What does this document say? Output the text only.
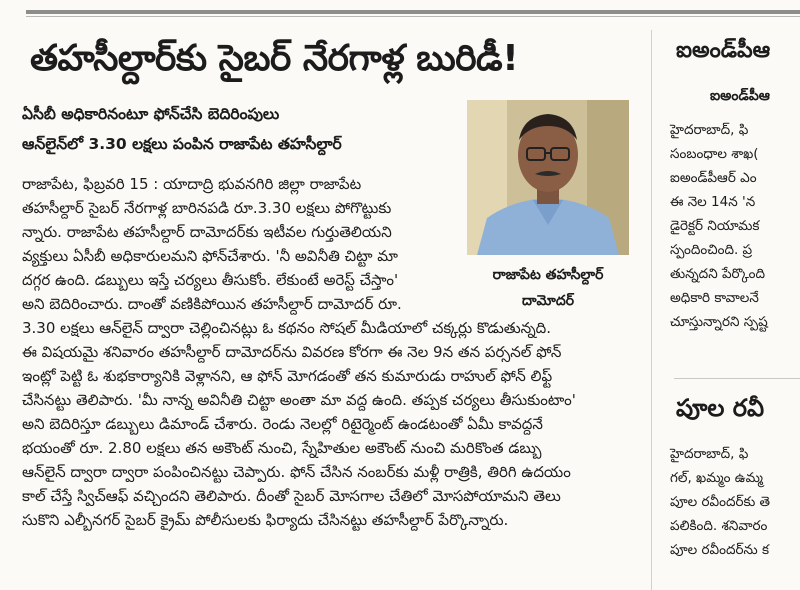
తహసీల్దార్‌కు సైబర్ నేరగాళ్ల బురిడీ!
ఏసీబీ అధికారినంటూ ఫోన్‌చేసి బెదిరింపులు
ఆన్‌లైన్‌లో 3.30 లక్షలు పంపిన రాజాపేట తహసీల్దార్
రాజాపేట తహసీల్దార్
దామోదర్

రాజాపేట, ఫిబ్రవరి 15 : యాదాద్రి భువనగిరి జిల్లా రాజాపేట

తహసీల్దార్ సైబర్ నేరగాళ్ల బారినపడి రూ.3.30 లక్షలు పోగొట్టుకు

న్నారు. రాజాపేట తహసీల్దార్ దామోదర్‌కు ఇటీవల గుర్తుతెలియని

వ్యక్తులు ఏసీబీ అధికారులమని ఫోన్‌చేశారు. 'నీ అవినీతి చిట్టా మా

దగ్గర ఉంది. డబ్బులు ఇస్తే చర్యలు తీసుకోం. లేకుంటే అరెస్ట్ చేస్తాం'

అని బెదిరించారు. దాంతో వణికిపోయిన తహసీల్దార్ దామోదర్ రూ.

3.30 లక్షలు ఆన్‌లైన్ ద్వారా చెల్లించినట్లు ఓ కథనం సోషల్ మీడియాలో చక్కర్లు కొడుతున్నది.

ఈ విషయమై శనివారం తహసీల్దార్ దామోదర్‌ను వివరణ కోరగా ఈ నెల 9న తన పర్సనల్ ఫోన్

ఇంట్లో పెట్టి ఓ శుభకార్యానికి వెళ్లానని, ఆ ఫోన్ మోగడంతో తన కుమారుడు రాహుల్ ఫోన్ లిఫ్ట్

చేసినట్టు తెలిపారు. 'మీ నాన్న అవినీతి చిట్టా అంతా మా వద్ద ఉంది. తప్పక చర్యలు తీసుకుంటాం'

అని బెదిరిస్తూ డబ్బులు డిమాండ్ చేశారు. రెండు నెలల్లో రిటైర్మెంట్ ఉండటంతో ఏమీ కావద్దనే

భయంతో రూ. 2.80 లక్షలు తన అకౌంట్ నుంచి, స్నేహితుల అకౌంట్ నుంచి మరికొంత డబ్బు

ఆన్‌లైన్ ద్వారా ద్వారా పంపించినట్టు చెప్పారు. ఫోన్ చేసిన నంబర్‌కు మళ్లీ రాత్రికి, తిరిగి ఉదయం

కాల్ చేస్తే స్విచ్‌ఆఫ్ వచ్చిందని తెలిపారు. దీంతో సైబర్ మోసగాల చేతిలో మోసపోయామని తెలు

సుకొని ఎల్బీనగర్ సైబర్ క్రైమ్ పోలీసులకు ఫిర్యాదు చేసినట్టు తహసీల్దార్ పేర్కొన్నారు.

ఐఅండ్‌పీఆ
ఐఅండ్‌పీఆ
హైదరాబాద్, ఫి
సంబంధాల శాఖ(
ఐఅండ్‌పీఆర్ ఎం
ఈ నెల 14న 'న
డైరెక్టర్ నియామక
స్పందించింది. ప్ర
తున్నదని పేర్కొంది
అధికారి కావాలనే
చూస్తున్నారని స్పష్ట
పూల రవీ
హైదరాబాద్, ఫి
గల్, ఖమ్మం ఉమ్మ
పూల రవీందర్‌కు తె
పలికింది. శనివారం
పూల రవీందర్‌ను క
